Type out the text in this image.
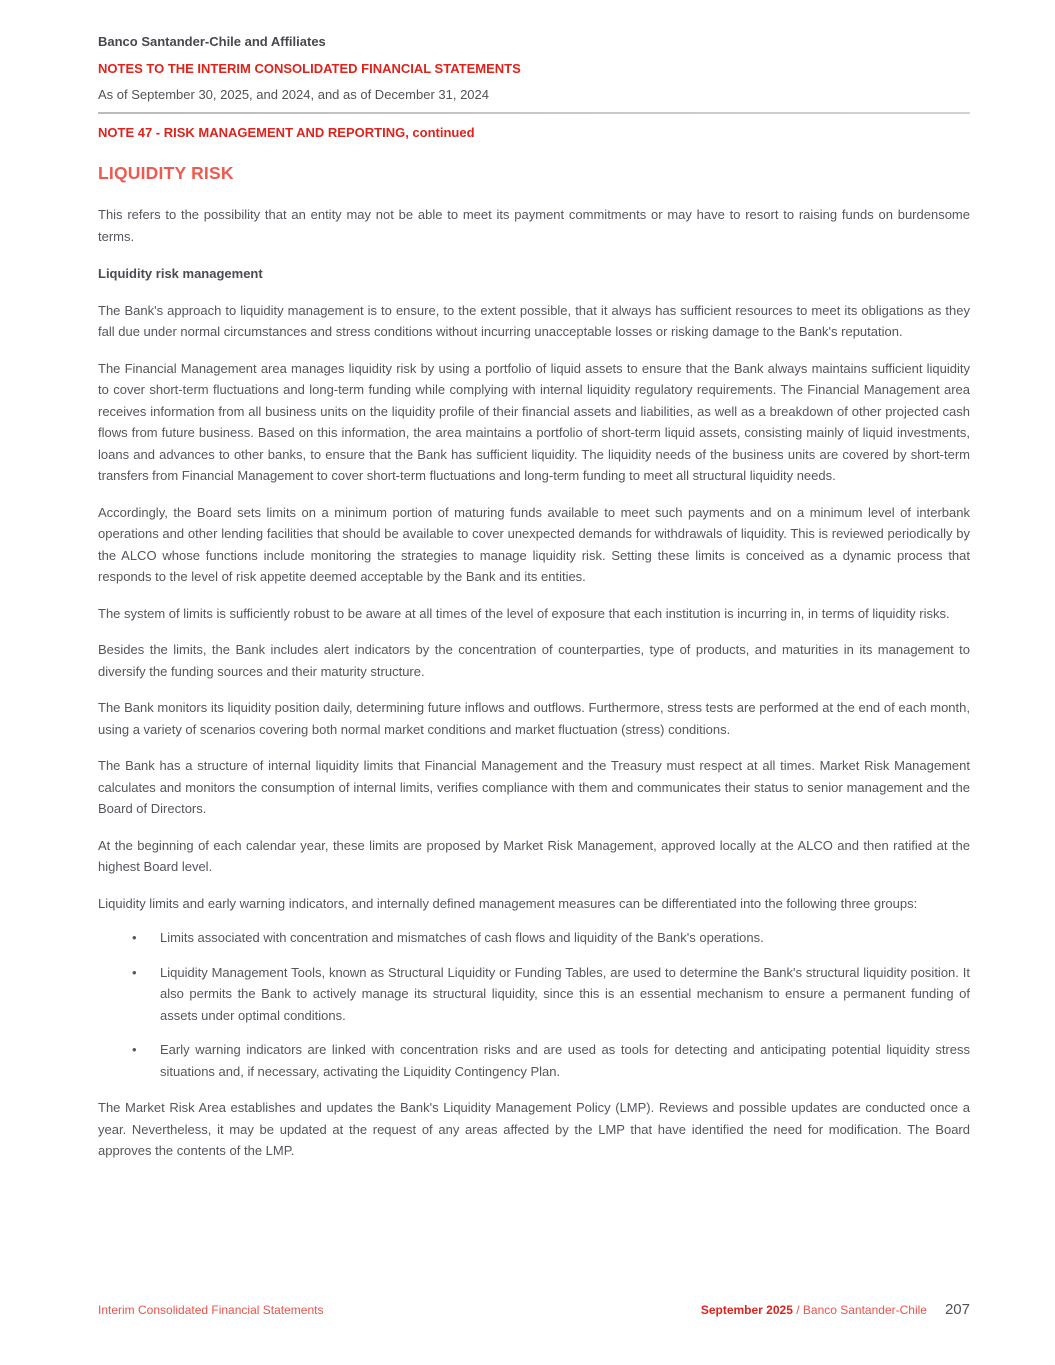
Banco Santander-Chile and Affiliates
NOTES TO THE INTERIM CONSOLIDATED FINANCIAL STATEMENTS
As of September 30, 2025, and 2024, and as of December 31, 2024
NOTE 47 - RISK MANAGEMENT AND REPORTING, continued
LIQUIDITY RISK

This refers to the possibility that an entity may not be able to meet its payment commitments or may have to resort to raising funds on burdensome terms.

Liquidity risk management

The Bank's approach to liquidity management is to ensure, to the extent possible, that it always has sufficient resources to meet its obligations as they fall due under normal circumstances and stress conditions without incurring unacceptable losses or risking damage to the Bank's reputation.

The Financial Management area manages liquidity risk by using a portfolio of liquid assets to ensure that the Bank always maintains sufficient liquidity to cover short-term fluctuations and long-term funding while complying with internal liquidity regulatory requirements. The Financial Management area receives information from all business units on the liquidity profile of their financial assets and liabilities, as well as a breakdown of other projected cash flows from future business. Based on this information, the area maintains a portfolio of short-term liquid assets, consisting mainly of liquid investments, loans and advances to other banks, to ensure that the Bank has sufficient liquidity. The liquidity needs of the business units are covered by short-term transfers from Financial Management to cover short-term fluctuations and long-term funding to meet all structural liquidity needs.

Accordingly, the Board sets limits on a minimum portion of maturing funds available to meet such payments and on a minimum level of interbank operations and other lending facilities that should be available to cover unexpected demands for withdrawals of liquidity. This is reviewed periodically by the ALCO whose functions include monitoring the strategies to manage liquidity risk. Setting these limits is conceived as a dynamic process that responds to the level of risk appetite deemed acceptable by the Bank and its entities.

The system of limits is sufficiently robust to be aware at all times of the level of exposure that each institution is incurring in, in terms of liquidity risks.

Besides the limits, the Bank includes alert indicators by the concentration of counterparties, type of products, and maturities in its management to diversify the funding sources and their maturity structure.

The Bank monitors its liquidity position daily, determining future inflows and outflows. Furthermore, stress tests are performed at the end of each month, using a variety of scenarios covering both normal market conditions and market fluctuation (stress) conditions.

The Bank has a structure of internal liquidity limits that Financial Management and the Treasury must respect at all times. Market Risk Management calculates and monitors the consumption of internal limits, verifies compliance with them and communicates their status to senior management and the Board of Directors.

At the beginning of each calendar year, these limits are proposed by Market Risk Management, approved locally at the ALCO and then ratified at the highest Board level.

Liquidity limits and early warning indicators, and internally defined management measures can be differentiated into the following three groups:

•	Limits associated with concentration and mismatches of cash flows and liquidity of the Bank's operations.
•	Liquidity Management Tools, known as Structural Liquidity or Funding Tables, are used to determine the Bank's structural liquidity position. It also permits the Bank to actively manage its structural liquidity, since this is an essential mechanism to ensure a permanent funding of assets under optimal conditions.
•	Early warning indicators are linked with concentration risks and are used as tools for detecting and anticipating potential liquidity stress situations and, if necessary, activating the Liquidity Contingency Plan.

The Market Risk Area establishes and updates the Bank's Liquidity Management Policy (LMP). Reviews and possible updates are conducted once a year. Nevertheless, it may be updated at the request of any areas affected by the LMP that have identified the need for modification. The Board approves the contents of the LMP.

Interim Consolidated Financial Statements	September 2025 / Banco Santander-Chile 207
